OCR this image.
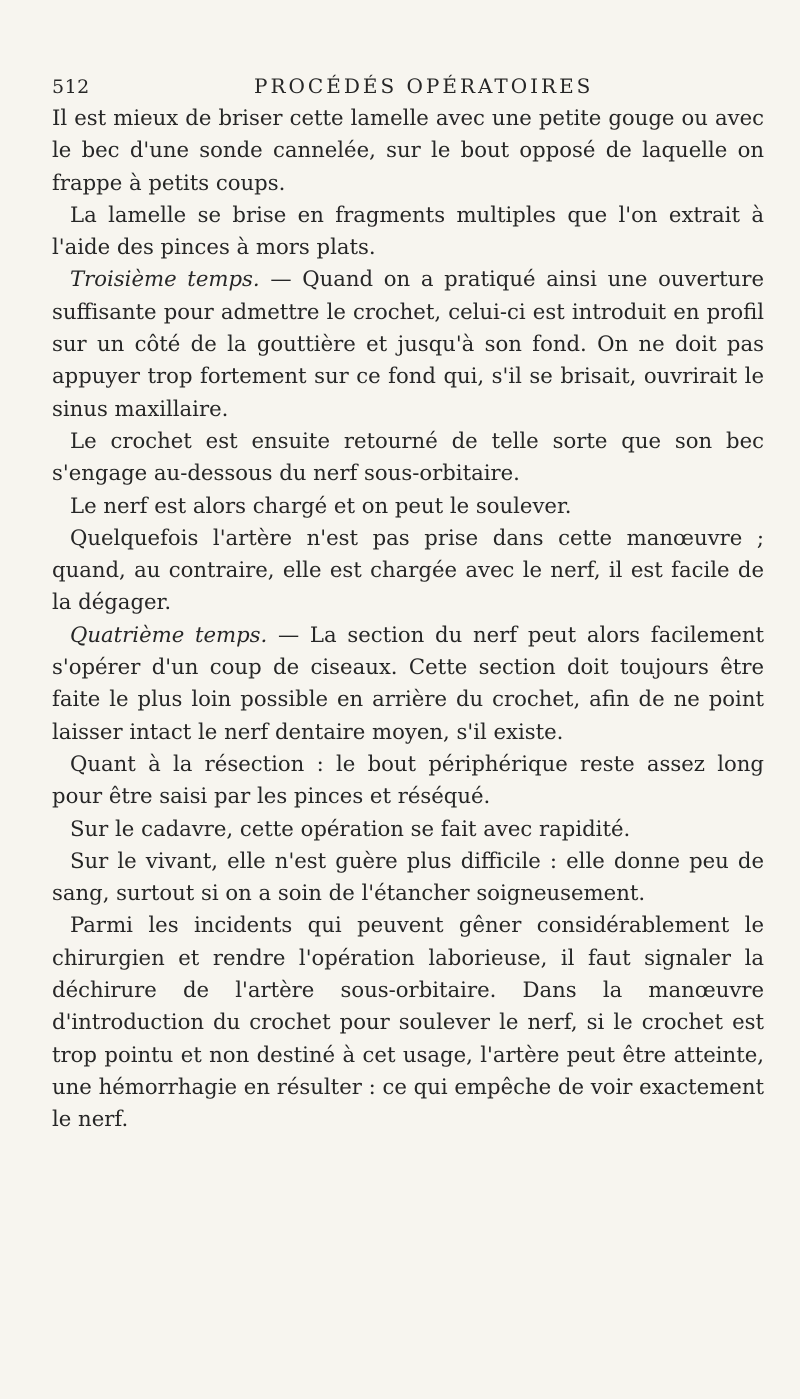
512	PROCÉDÉS OPÉRATOIRES

Il est mieux de briser cette lamelle avec une petite gouge ou avec le bec d'une sonde cannelée, sur le bout opposé de laquelle on frappe à petits coups.

La lamelle se brise en fragments multiples que l'on extrait à l'aide des pinces à mors plats.

Troisième temps. — Quand on a pratiqué ainsi une ouverture suffisante pour admettre le crochet, celui-ci est introduit en profil sur un côté de la gouttière et jusqu'à son fond. On ne doit pas appuyer trop fortement sur ce fond qui, s'il se brisait, ouvrirait le sinus maxillaire.

Le crochet est ensuite retourné de telle sorte que son bec s'engage au-dessous du nerf sous-orbitaire.

Le nerf est alors chargé et on peut le soulever.

Quelquefois l'artère n'est pas prise dans cette manœuvre ; quand, au contraire, elle est chargée avec le nerf, il est facile de la dégager.

Quatrième temps. — La section du nerf peut alors facilement s'opérer d'un coup de ciseaux. Cette section doit toujours être faite le plus loin possible en arrière du crochet, afin de ne point laisser intact le nerf dentaire moyen, s'il existe.

Quant à la résection : le bout périphérique reste assez long pour être saisi par les pinces et réséqué.

Sur le cadavre, cette opération se fait avec rapidité.

Sur le vivant, elle n'est guère plus difficile : elle donne peu de sang, surtout si on a soin de l'étancher soigneusement.

Parmi les incidents qui peuvent gêner considérablement le chirurgien et rendre l'opération laborieuse, il faut signaler la déchirure de l'artère sous-orbitaire. Dans la manœuvre d'introduction du crochet pour soulever le nerf, si le crochet est trop pointu et non destiné à cet usage, l'artère peut être atteinte, une hémorrhagie en résulter : ce qui empêche de voir exactement le nerf.
